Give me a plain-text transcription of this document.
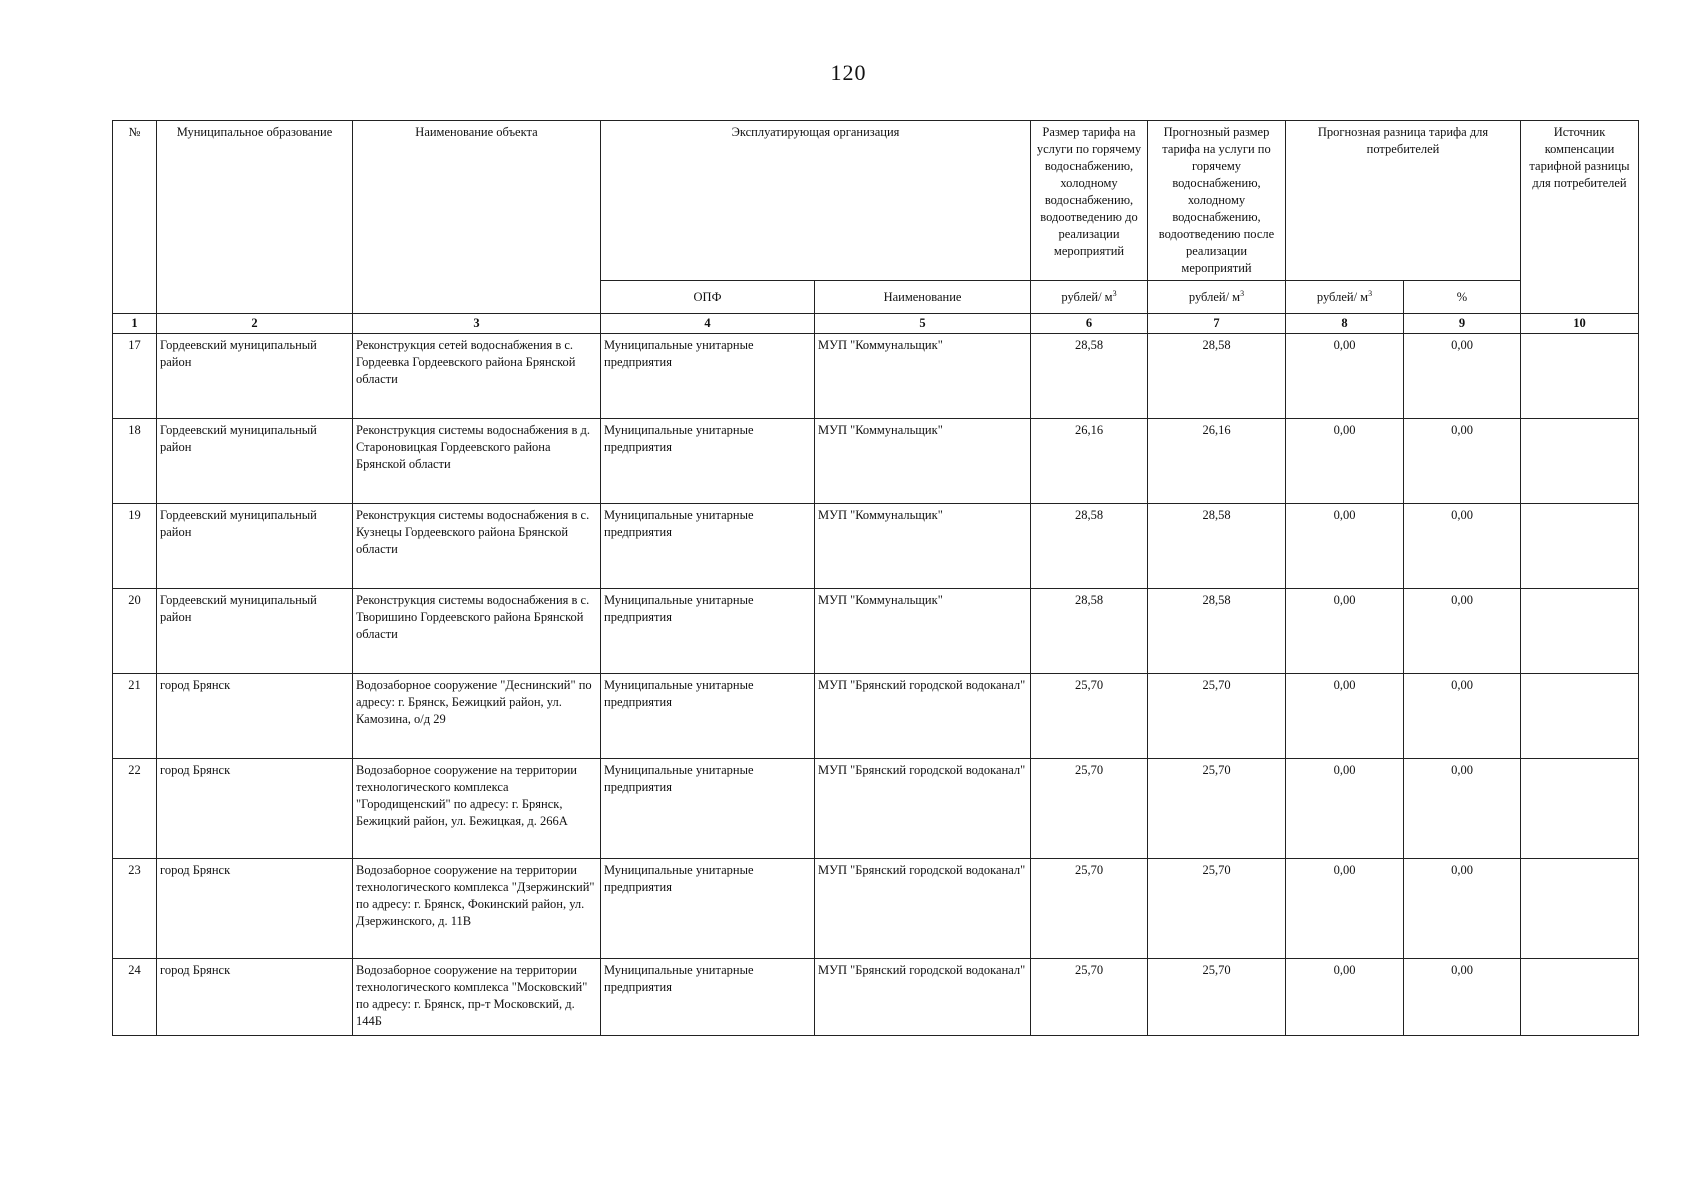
120
№	Муниципальное образование	Наименование объекта	Эксплуатирующая организация		Размер тарифа на услуги по горячему водоснабжению, холодному водоснабжению, водоотведению до реализации мероприятий	Прогнозный размер тарифа на услуги по горячему водоснабжению, холодному водоснабжению, водоотведению после реализации мероприятий	Прогнозная разница тарифа для потребителей		Источник компенсации тарифной разницы для потребителей
			ОПФ	Наименование	рублей/ $м^3$	рублей/ $м^3$	рублей/ $м^3$	%	
1	2	3	4	5	6	7	8	9	10
17	Гордеевский муниципальный район	Реконструкция сетей водоснабжения в с. Гордеевка Гордеевского района Брянской области	Муниципальные унитарные предприятия	МУП "Коммунальщик"	28,58	28,58	0,00	0,00	
18	Гордеевский муниципальный район	Реконструкция системы водоснабжения в д. Староновицкая Гордеевского района Брянской области	Муниципальные унитарные предприятия	МУП "Коммунальщик"	26,16	26,16	0,00	0,00	
19	Гордеевский муниципальный район	Реконструкция системы водоснабжения в с. Кузнецы Гордеевского района Брянской области	Муниципальные унитарные предприятия	МУП "Коммунальщик"	28,58	28,58	0,00	0,00	
20	Гордеевский муниципальный район	Реконструкция системы водоснабжения в с. Творишино Гордеевского района Брянской области	Муниципальные унитарные предприятия	МУП "Коммунальщик"	28,58	28,58	0,00	0,00	
21	город Брянск	Водозаборное сооружение "Деснинский" по адресу: г. Брянск, Бежицкий район, ул. Камозина, о/д 29	Муниципальные унитарные предприятия	МУП "Брянский городской водоканал"	25,70	25,70	0,00	0,00	
22	город Брянск	Водозаборное сооружение на территории технологического комплекса "Городищенский" по адресу: г. Брянск, Бежицкий район, ул. Бежицкая, д. 266А	Муниципальные унитарные предприятия	МУП "Брянский городской водоканал"	25,70	25,70	0,00	0,00	
23	город Брянск	Водозаборное сооружение на территории технологического комплекса "Дзержинский" по адресу: г. Брянск, Фокинский район, ул. Дзержинского, д. 11В	Муниципальные унитарные предприятия	МУП "Брянский городской водоканал"	25,70	25,70	0,00	0,00	
24	город Брянск	Водозаборное сооружение на территории технологического комплекса "Московский" по адресу: г. Брянск, пр-т Московский, д. 144Б	Муниципальные унитарные предприятия	МУП "Брянский городской водоканал"	25,70	25,70	0,00	0,00	
